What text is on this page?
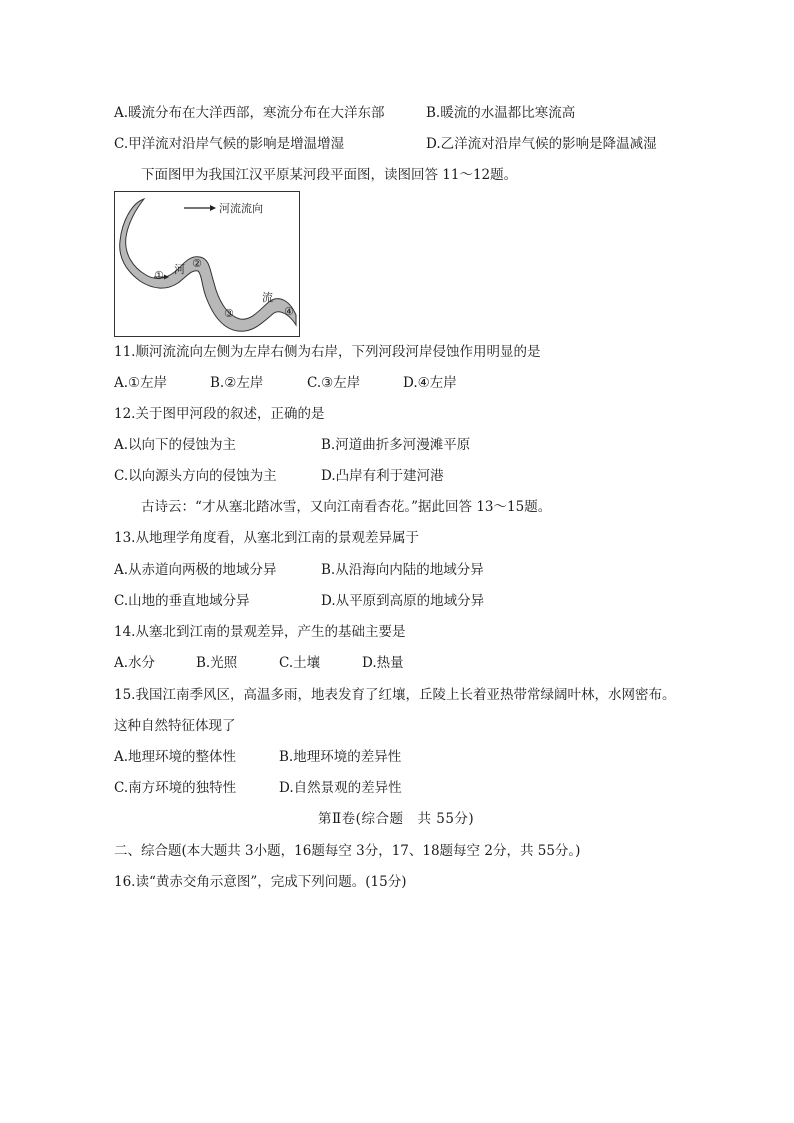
A.暖流分布在大洋西部，寒流分布在大洋东部	B.暖流的水温都比寒流高
C.甲洋流对沿岸气候的影响是增温增湿	D.乙洋流对沿岸气候的影响是降温减湿
下面图甲为我国江汉平原某河段平面图，读图回答 11～12题。
河流流向
河
流
①
②
③	④
11.顺河流流向左侧为左岸右侧为右岸，下列河段河岸侵蚀作用明显的是
A.①左岸	B.②左岸	C.③左岸	D.④左岸
12.关于图甲河段的叙述，正确的是
A.以向下的侵蚀为主	B.河道曲折多河漫滩平原
C.以向源头方向的侵蚀为主	D.凸岸有利于建河港
古诗云：“才从塞北踏冰雪，又向江南看杏花。”据此回答 13～15题。
13.从地理学角度看，从塞北到江南的景观差异属于
A.从赤道向两极的地域分异	B.从沿海向内陆的地域分异
C.山地的垂直地域分异	D.从平原到高原的地域分异
14.从塞北到江南的景观差异，产生的基础主要是
A.水分	B.光照	C.土壤	D.热量
15.我国江南季风区，高温多雨，地表发育了红壤，丘陵上长着亚热带常绿阔叶林，水网密布。
这种自然特征体现了
A.地理环境的整体性	B.地理环境的差异性
C.南方环境的独特性	D.自然景观的差异性
第Ⅱ卷(综合题　共 55分)
二、综合题(本大题共 3小题，16题每空 3分，17、18题每空 2分，共 55分。)
16.读“黄赤交角示意图”，完成下列问题。(15分)
